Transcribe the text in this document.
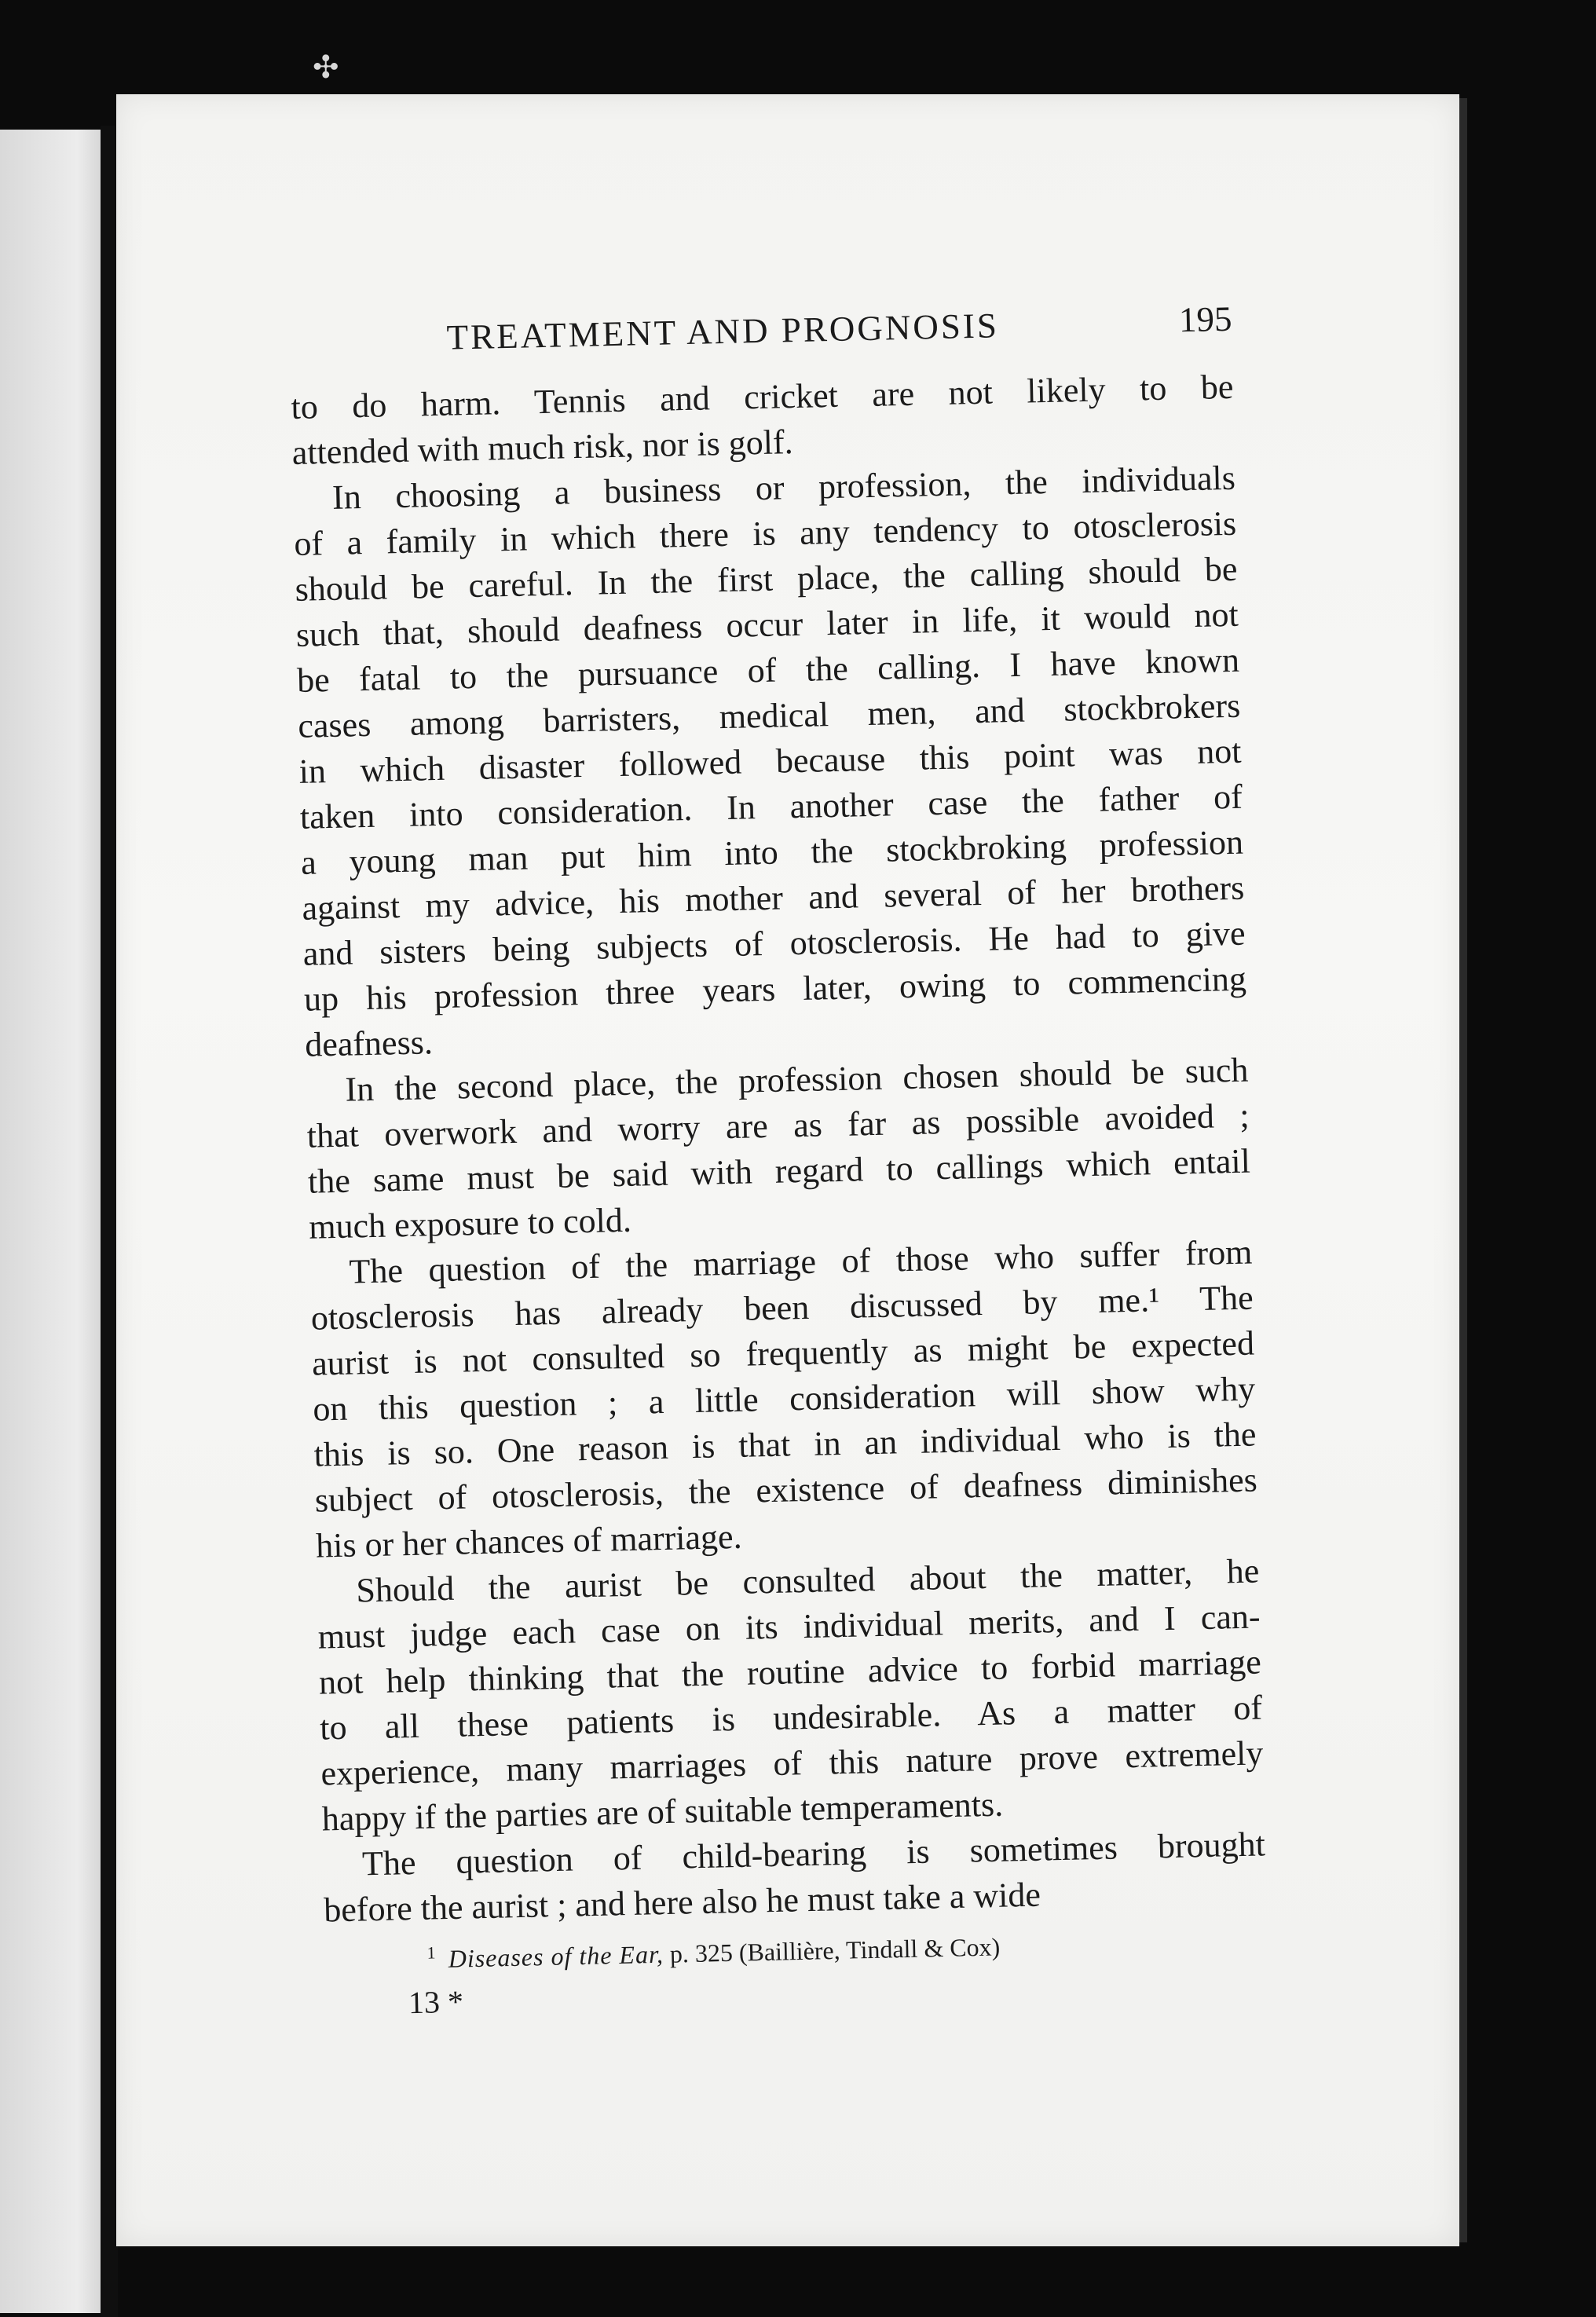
✣
TREATMENT AND PROGNOSIS	195
to do harm. Tennis and cricket are not likely to be
attended with much risk, nor is golf.
In choosing a business or profession, the individuals
of a family in which there is any tendency to otosclerosis
should be careful. In the first place, the calling should be
such that, should deafness occur later in life, it would not
be fatal to the pursuance of the calling. I have known
cases among barristers, medical men, and stockbrokers
in which disaster followed because this point was not
taken into consideration. In another case the father of
a young man put him into the stockbroking profession
against my advice, his mother and several of her brothers
and sisters being subjects of otosclerosis. He had to give
up his profession three years later, owing to commencing
deafness.
In the second place, the profession chosen should be such
that overwork and worry are as far as possible avoided ;
the same must be said with regard to callings which entail
much exposure to cold.
The question of the marriage of those who suffer from
otosclerosis has already been discussed by me.¹ The
aurist is not consulted so frequently as might be expected
on this question ; a little consideration will show why
this is so. One reason is that in an individual who is the
subject of otosclerosis, the existence of deafness diminishes
his or her chances of marriage.
Should the aurist be consulted about the matter, he
must judge each case on its individual merits, and I can-
not help thinking that the routine advice to forbid marriage
to all these patients is undesirable. As a matter of
experience, many marriages of this nature prove extremely
happy if the parties are of suitable temperaments.
The question of child-bearing is sometimes brought
before the aurist ; and here also he must take a wide
$^1$ Diseases of the Ear, p. 325 (Baillière, Tindall & Cox)
13 *
